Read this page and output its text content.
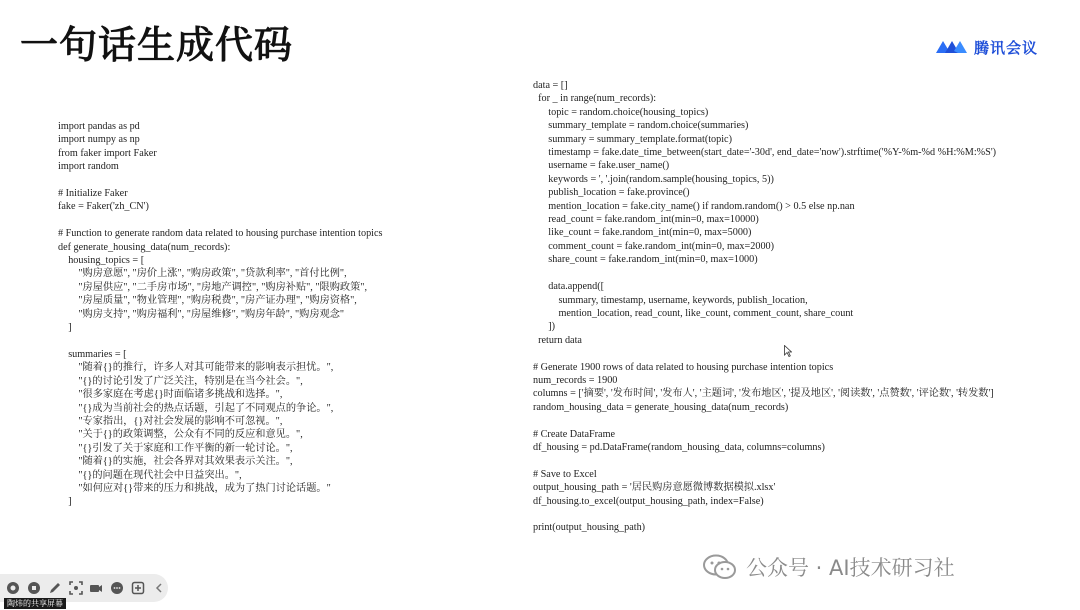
一句话生成代码	腾讯会议
import pandas as pd
import numpy as np
from faker import Faker
import random

# Initialize Faker
fake = Faker('zh_CN')

# Function to generate random data related to housing purchase intention topics
def generate_housing_data(num_records):
housing_topics = [
"购房意愿", "房价上涨", "购房政策", "贷款利率", "首付比例",
"房屋供应", "二手房市场", "房地产调控", "购房补贴", "限购政策",
"房屋质量", "物业管理", "购房税费", "房产证办理", "购房资格",
"购房支持", "购房福利", "房屋维修", "购房年龄", "购房观念"
]

summaries = [
"随着{}的推行，许多人对其可能带来的影响表示担忧。",
"{}的讨论引发了广泛关注，特别是在当今社会。",
"很多家庭在考虑{}时面临诸多挑战和选择。",
"{}成为当前社会的热点话题，引起了不同观点的争论。",
"专家指出，{}对社会发展的影响不可忽视。",
"关于{}的政策调整，公众有不同的反应和意见。",
"{}引发了关于家庭和工作平衡的新一轮讨论。",
"随着{}的实施，社会各界对其效果表示关注。",
"{}的问题在现代社会中日益突出。",
"如何应对{}带来的压力和挑战，成为了热门讨论话题。"
]
data = []
for _ in range(num_records):
topic = random.choice(housing_topics)
summary_template = random.choice(summaries)
summary = summary_template.format(topic)
timestamp = fake.date_time_between(start_date='-30d', end_date='now').strftime('%Y-%m-%d %H:%M:%S')
username = fake.user_name()
keywords = ', '.join(random.sample(housing_topics, 5))
publish_location = fake.province()
mention_location = fake.city_name() if random.random() > 0.5 else np.nan
read_count = fake.random_int(min=0, max=10000)
like_count = fake.random_int(min=0, max=5000)
comment_count = fake.random_int(min=0, max=2000)
share_count = fake.random_int(min=0, max=1000)

data.append([
summary, timestamp, username, keywords, publish_location,
mention_location, read_count, like_count, comment_count, share_count
])
return data

# Generate 1900 rows of data related to housing purchase intention topics
num_records = 1900
columns = ['摘要', '发布时间', '发布人', '主题词', '发布地区', '提及地区', '阅读数', '点赞数', '评论数', '转发数']
random_housing_data = generate_housing_data(num_records)

# Create DataFrame
df_housing = pd.DataFrame(random_housing_data, columns=columns)

# Save to Excel
output_housing_path = '居民购房意愿微博数据模拟.xlsx'
df_housing.to_excel(output_housing_path, index=False)

print(output_housing_path)
公众号 · AI技术研习社
陶炜的共享屏幕
